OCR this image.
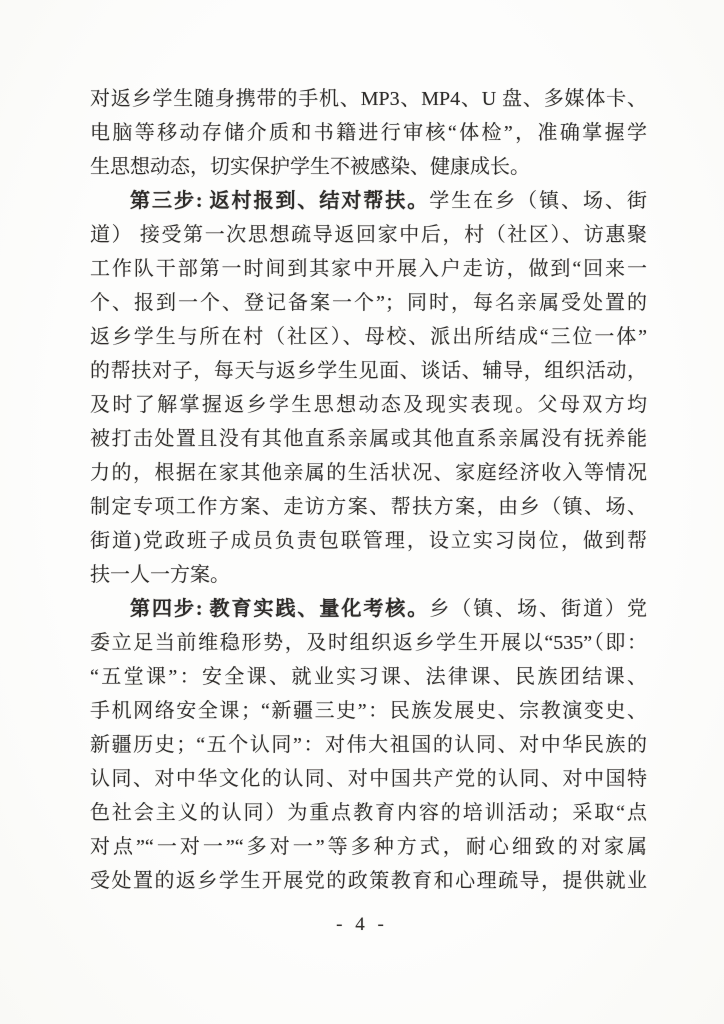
对返乡学生随身携带的手机、MP3、MP4、U 盘、多媒体卡、
电脑等移动存储介质和书籍进行审核“体检”，准确掌握学
生思想动态，切实保护学生不被感染、健康成长。
第三步: 返村报到、结对帮扶。学生在乡（镇、场、街
道） 接受第一次思想疏导返回家中后，村（社区）、访惠聚
工作队干部第一时间到其家中开展入户走访，做到“回来一
个、报到一个、登记备案一个”；同时，每名亲属受处置的
返乡学生与所在村（社区）、母校、派出所结成“三位一体”
的帮扶对子，每天与返乡学生见面、谈话、辅导，组织活动，
及时了解掌握返乡学生思想动态及现实表现。父母双方均
被打击处置且没有其他直系亲属或其他直系亲属没有抚养能
力的，根据在家其他亲属的生活状况、家庭经济收入等情况
制定专项工作方案、走访方案、帮扶方案，由乡（镇、场、
街道)党政班子成员负责包联管理，设立实习岗位，做到帮
扶一人一方案。
第四步: 教育实践、量化考核。乡（镇、场、街道）党
委立足当前维稳形势，及时组织返乡学生开展以“535”（即：
“五堂课”：安全课、就业实习课、法律课、民族团结课、
手机网络安全课；“新疆三史”：民族发展史、宗教演变史、
新疆历史；“五个认同”：对伟大祖国的认同、对中华民族的
认同、对中华文化的认同、对中国共产党的认同、对中国特
色社会主义的认同）为重点教育内容的培训活动；采取“点
对点”“一对一”“多对一”等多种方式，耐心细致的对家属
受处置的返乡学生开展党的政策教育和心理疏导，提供就业
- 4 -
